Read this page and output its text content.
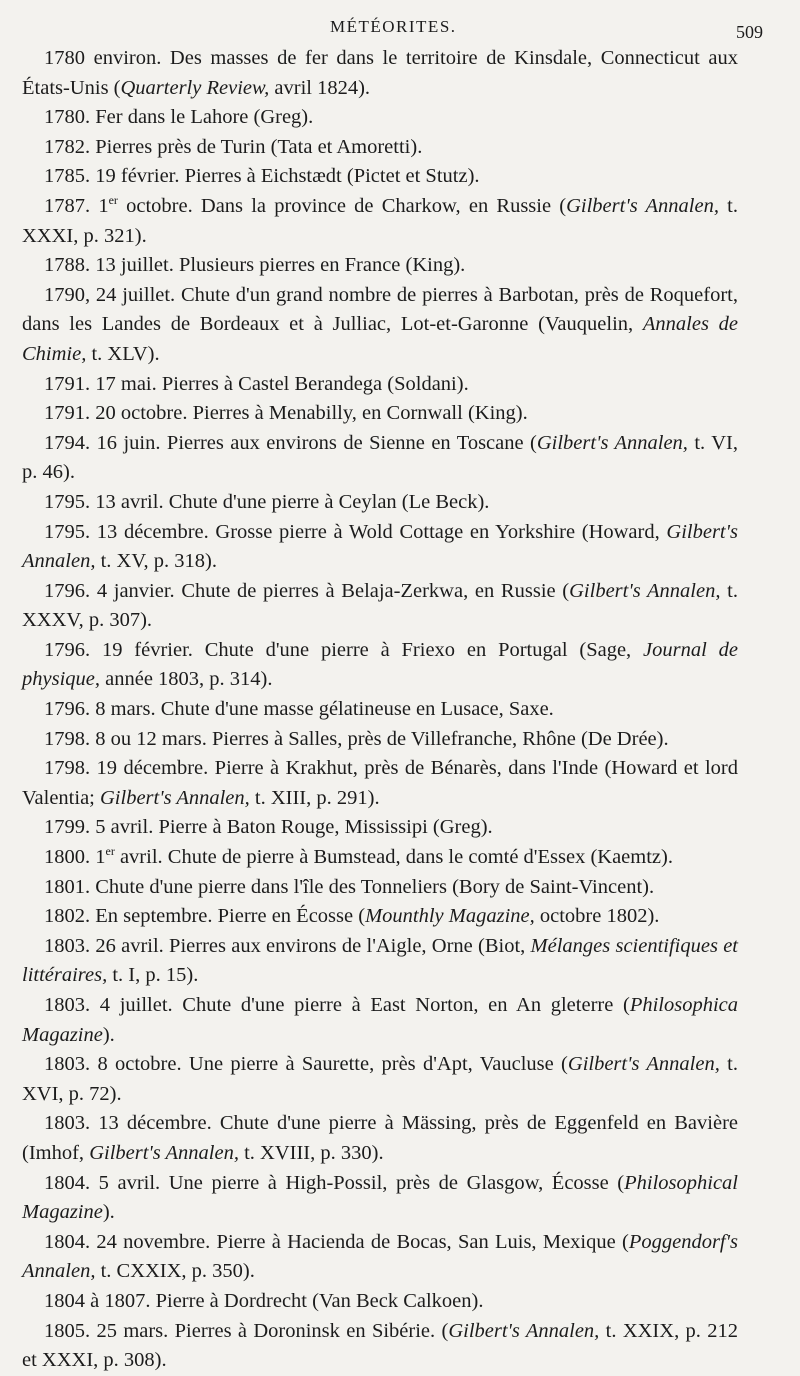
MÉTÉORITES.	509

1780 environ. Des masses de fer dans le territoire de Kinsdale, Connecticut aux États-Unis (Quarterly Review, avril 1824).

1780. Fer dans le Lahore (Greg).

1782. Pierres près de Turin (Tata et Amoretti).

1785. 19 février. Pierres à Eichstædt (Pictet et Stutz).

1787. 1er octobre. Dans la province de Charkow, en Russie (Gilbert's Annalen, t. XXXI, p. 321).

1788. 13 juillet. Plusieurs pierres en France (King).

1790, 24 juillet. Chute d'un grand nombre de pierres à Barbotan, près de Roquefort, dans les Landes de Bordeaux et à Julliac, Lot-et-Garonne (Vauquelin, Annales de Chimie, t. XLV).

1791. 17 mai. Pierres à Castel Berandega (Soldani).

1791. 20 octobre. Pierres à Menabilly, en Cornwall (King).

1794. 16 juin. Pierres aux environs de Sienne en Toscane (Gilbert's Annalen, t. VI, p. 46).

1795. 13 avril. Chute d'une pierre à Ceylan (Le Beck).

1795. 13 décembre. Grosse pierre à Wold Cottage en Yorkshire (Howard, Gilbert's Annalen, t. XV, p. 318).

1796. 4 janvier. Chute de pierres à Belaja-Zerkwa, en Russie (Gilbert's Annalen, t. XXXV, p. 307).

1796. 19 février. Chute d'une pierre à Friexo en Portugal (Sage, Journal de physique, année 1803, p. 314).

1796. 8 mars. Chute d'une masse gélatineuse en Lusace, Saxe.

1798. 8 ou 12 mars. Pierres à Salles, près de Villefranche, Rhône (De Drée).

1798. 19 décembre. Pierre à Krakhut, près de Bénarès, dans l'Inde (Howard et lord Valentia; Gilbert's Annalen, t. XIII, p. 291).

1799. 5 avril. Pierre à Baton Rouge, Mississipi (Greg).

1800. 1er avril. Chute de pierre à Bumstead, dans le comté d'Essex (Kaemtz).

1801. Chute d'une pierre dans l'île des Tonneliers (Bory de Saint-Vincent).

1802. En septembre. Pierre en Écosse (Mounthly Magazine, octobre 1802).

1803. 26 avril. Pierres aux environs de l'Aigle, Orne (Biot, Mélanges scientifiques et littéraires, t. I, p. 15).

1803. 4 juillet. Chute d'une pierre à East Norton, en An gleterre (Philosophica Magazine).

1803. 8 octobre. Une pierre à Saurette, près d'Apt, Vaucluse (Gilbert's Annalen, t. XVI, p. 72).

1803. 13 décembre. Chute d'une pierre à Mässing, près de Eggenfeld en Bavière (Imhof, Gilbert's Annalen, t. XVIII, p. 330).

1804. 5 avril. Une pierre à High-Possil, près de Glasgow, Écosse (Philosophical Magazine).

1804. 24 novembre. Pierre à Hacienda de Bocas, San Luis, Mexique (Poggendorf's Annalen, t. CXXIX, p. 350).

1804 à 1807. Pierre à Dordrecht (Van Beck Calkoen).

1805. 25 mars. Pierres à Doroninsk en Sibérie. (Gilbert's Annalen, t. XXIX, p. 212 et XXXI, p. 308).
